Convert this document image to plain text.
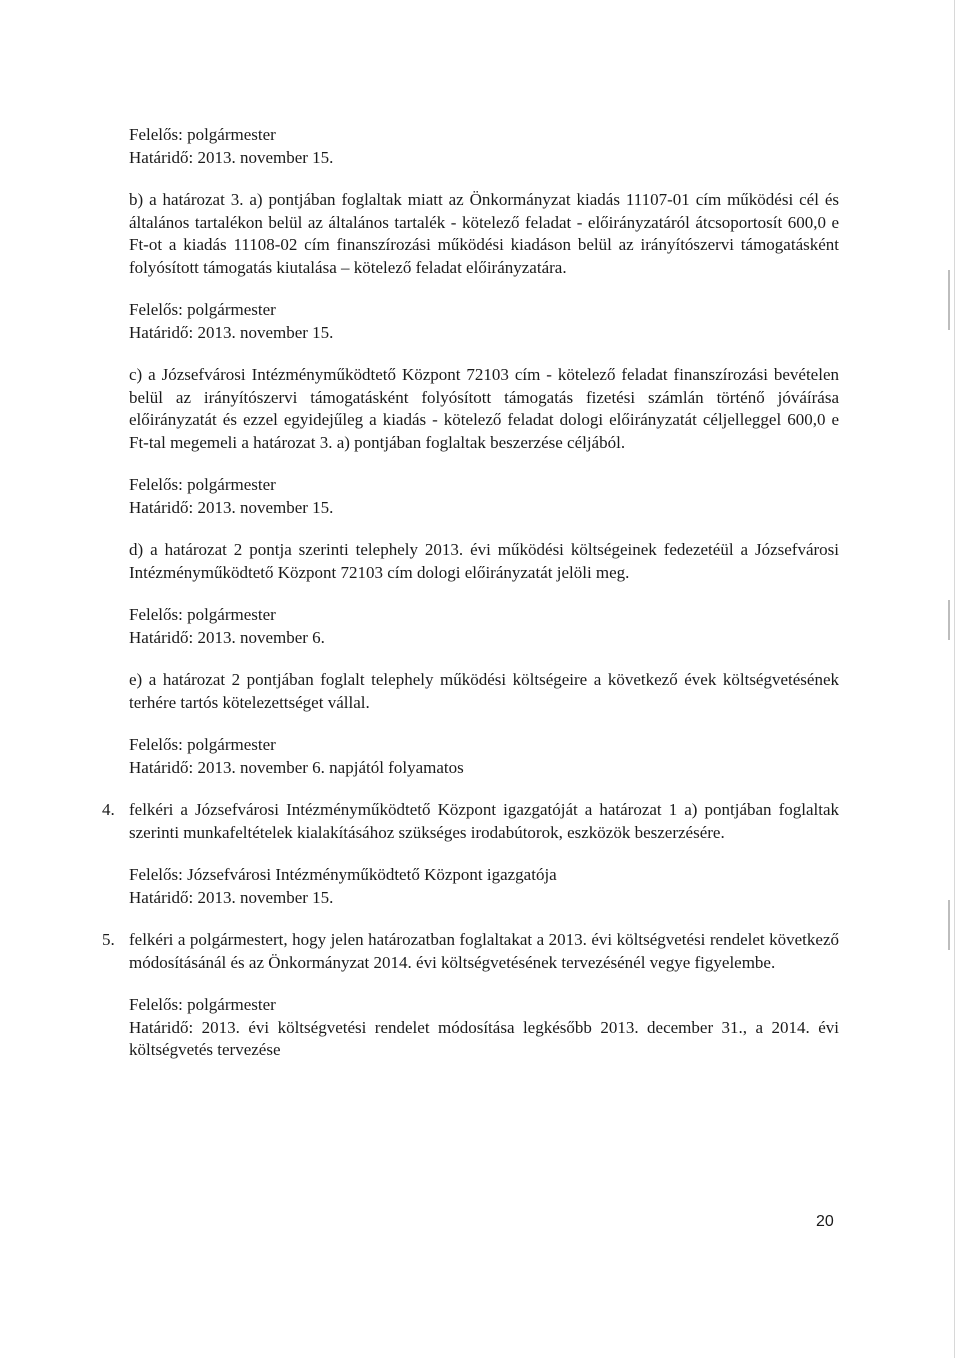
Felelős: polgármester

Határidő: 2013. november 15.

b) a határozat 3. a) pontjában foglaltak miatt az Önkormányzat kiadás 11107-01 cím működési cél és általános tartalékon belül az általános tartalék - kötelező feladat - előirányzatáról átcsoportosít 600,0 e Ft-ot a kiadás 11108-02 cím finanszírozási működési kiadáson belül az irányítószervi támogatásként folyósított támogatás kiutalása – kötelező feladat előirányzatára.

Felelős: polgármester

Határidő: 2013. november 15.

c) a Józsefvárosi Intézményműködtető Központ 72103 cím - kötelező feladat finanszírozási bevételen belül az irányítószervi támogatásként folyósított támogatás fizetési számlán történő jóváírása előirányzatát és ezzel egyidejűleg a kiadás - kötelező feladat dologi előirányzatát céljelleggel 600,0 e Ft-tal megemeli a határozat 3. a) pontjában foglaltak beszerzése céljából.

Felelős: polgármester

Határidő: 2013. november 15.

d) a határozat 2 pontja szerinti telephely 2013. évi működési költségeinek fedezetéül a Józsefvárosi Intézményműködtető Központ 72103 cím dologi előirányzatát jelöli meg.

Felelős: polgármester

Határidő: 2013. november 6.

e) a határozat 2 pontjában foglalt telephely működési költségeire a következő évek költségvetésének terhére tartós kötelezettséget vállal.

Felelős: polgármester

Határidő: 2013. november 6. napjától folyamatos

4. felkéri a Józsefvárosi Intézményműködtető Központ igazgatóját a határozat 1 a) pontjában foglaltak szerinti munkafeltételek kialakításához szükséges irodabútorok, eszközök beszerzésére.

Felelős: Józsefvárosi Intézményműködtető Központ igazgatója

Határidő: 2013. november 15.

5. felkéri a polgármestert, hogy jelen határozatban foglaltakat a 2013. évi költségvetési rendelet következő módosításánál és az Önkormányzat 2014. évi költségvetésének tervezésénél vegye figyelembe.

Felelős: polgármester

Határidő: 2013. évi költségvetési rendelet módosítása legkésőbb 2013. december 31., a 2014. évi költségvetés tervezése

20
